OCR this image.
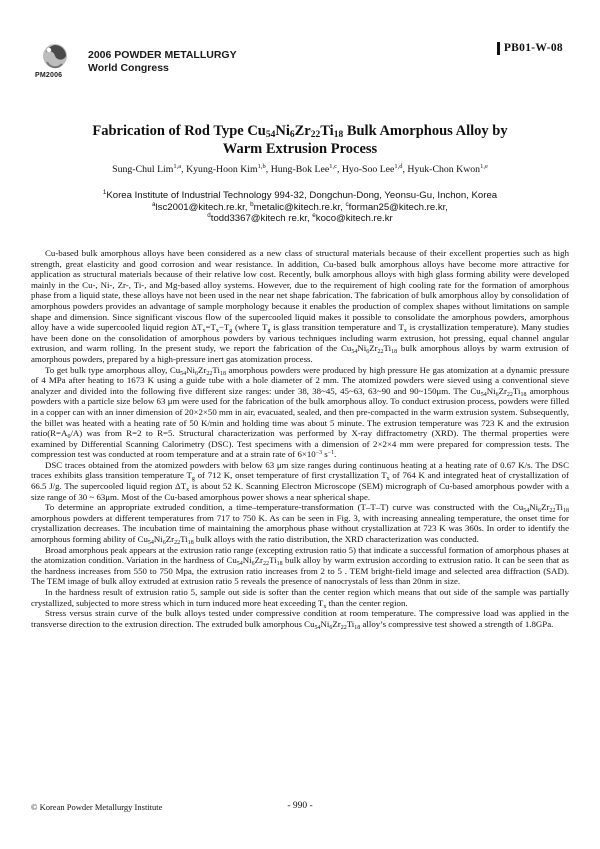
PM2006
2006 POWDER METALLURGY
World Congress
PB01-W-08
Fabrication of Rod Type $Cu_{54}Ni_6Zr_{22}Ti_{18}$ Bulk Amorphous Alloy by
Warm Extrusion Process
Sung-Chul Lim$^{1,a}$, Kyung-Hoon Kim$^{1,b}$, Hung-Bok Lee$^{1,c}$, Hyo-Soo Lee$^{1,d}$, Hyuk-Chon Kwon$^{1,e}$
$^1$Korea Institute of Industrial Technology 994-32, Dongchun-Dong, Yeonsu-Gu, Inchon, Korea
$^a$lsc2001@kitech.re.kr, $^b$metalic@kitech.re.kr, $^c$forman25@kitech.re.kr,
$^d$todd3367@kitech re.kr, $^e$koco@kitech.re.kr

Cu-based bulk amorphous alloys have been considered as a new class of structural materials because of their excellent properties such as high strength, great elasticity and good corrosion and wear resistance. In addition, Cu-based bulk amorphous alloys have become more attractive for application as structural materials because of their relative low cost. Recently, bulk amorphous alloys with high glass forming ability were developed mainly in the Cu-, Ni-, Zr-, Ti-, and Mg-based alloy systems. However, due to the requirement of high cooling rate for the formation of amorphous phase from a liquid state, these alloys have not been used in the near net shape fabrication. The fabrication of bulk amorphous alloy by consolidation of amorphous powders provides an advantage of sample morphology because it enables the production of complex shapes without limitations on sample shape and dimension. Since significant viscous flow of the supercooled liquid makes it possible to consolidate the amorphous powders, amorphous alloy have a wide supercooled liquid region $\Delta T_x=T_x-T_g$ (where $T_g$ is glass transition temperature and $T_x$ is crystallization temperature). Many studies have been done on the consolidation of amorphous powders by various techniques including warm extrusion, hot pressing, equal channel angular extrusion, and warm rolling. In the present study, we report the fabrication of the $Cu_{54}Ni_6Zr_{22}Ti_{18}$ bulk amorphous alloys by warm extrusion of amorphous powders, prepared by a high-pressure inert gas atomization process.

To get bulk type amorphous alloy, $Cu_{54}Ni_6Zr_{22}Ti_{18}$ amorphous powders were produced by high pressure He gas atomization at a dynamic pressure of 4 MPa after heating to 1673 K using a guide tube with a hole diameter of 2 mm. The atomized powders were sieved using a conventional sieve analyzer and divided into the following five different size ranges: under 38, 38~45, 45~63, 63~90 and 90~150μm. The $Cu_{54}Ni_6Zr_{22}Ti_{18}$ amorphous powders with a particle size below 63 μm were used for the fabrication of the bulk amorphous alloy. To conduct extrusion process, powders were filled in a copper can with an inner dimension of 20×2×50 mm in air, evacuated, sealed, and then pre-compacted in the warm extrusion system. Subsequently, the billet was heated with a heating rate of 50 K/min and holding time was about 5 minute. The extrusion temperature was 723 K and the extrusion $ratio(R=A_0/A)$ was from R=2 to R=5. Structural characterization was performed by X-ray diffractometry (XRD). The thermal properties were examined by Differential Scanning Calorimetry (DSC). Test specimens with a dimension of 2×2×4 mm were prepared for compression tests. The compression test was conducted at room temperature and at a strain rate of $6\times 10^{-3}$ $s^{-1}$.

DSC traces obtained from the atomized powders with below 63 μm size ranges during continuous heating at a heating rate of 0.67 K/s. The DSC traces exhibits glass transition temperature $T_g$ of 712 K, onset temperature of first crystallization $T_x$ of 764 K and integrated heat of crystallization of 66.5 J/g. The supercooled liquid region $\Delta T_x$ is about 52 K. Scanning Electron Microscope (SEM) micrograph of Cu-based amorphous powder with a size range of 30 ~ 63μm. Most of the Cu-based amorphous power shows a near spherical shape.

To determine an appropriate extruded condition, a time–temperature-transformation (T–T–T) curve was constructed with the $Cu_{54}Ni_6Zr_{22}Ti_{18}$ amorphous powders at different temperatures from 717 to 750 K. As can be seen in Fig. 3, with increasing annealing temperature, the onset time for crystallization decreases. The incubation time of maintaining the amorphous phase without crystallization at 723 K was 360s. In order to identify the amorphous forming ability of $Cu_{54}Ni_6Zr_{22}Ti_{18}$ bulk alloys with the ratio distribution, the XRD characterization was conducted.

Broad amorphous peak appears at the extrusion ratio range (excepting extrusion ratio 5) that indicate a successful formation of amorphous phases at the atomization condition. Variation in the hardness of $Cu_{54}Ni_6Zr_{22}Ti_{18}$ bulk alloy by warm extrusion according to extrusion ratio. It can be seen that as the hardness increases from 550 to 750 Mpa, the extrusion ratio increases from 2 to 5 . TEM bright-field image and selected area diffraction (SAD). The TEM image of bulk alloy extruded at extrusion ratio 5 reveals the presence of nanocrystals of less than 20nm in size.

In the hardness result of extrusion ratio 5, sample out side is softer than the center region which means that out side of the sample was partially crystallized, subjected to more stress which in turn induced more heat exceeding $T_x$ than the center region.

Stress versus strain curve of the bulk alloys tested under compressive condition at room temperature. The compressive load was applied in the transverse direction to the extrusion direction. The extruded bulk amorphous $Cu_{54}Ni_6Zr_{22}Ti_{18}$ alloy’s compressive test showed a strength of 1.8GPa.

© Korean Powder Metallurgy Institute	- 990 -
